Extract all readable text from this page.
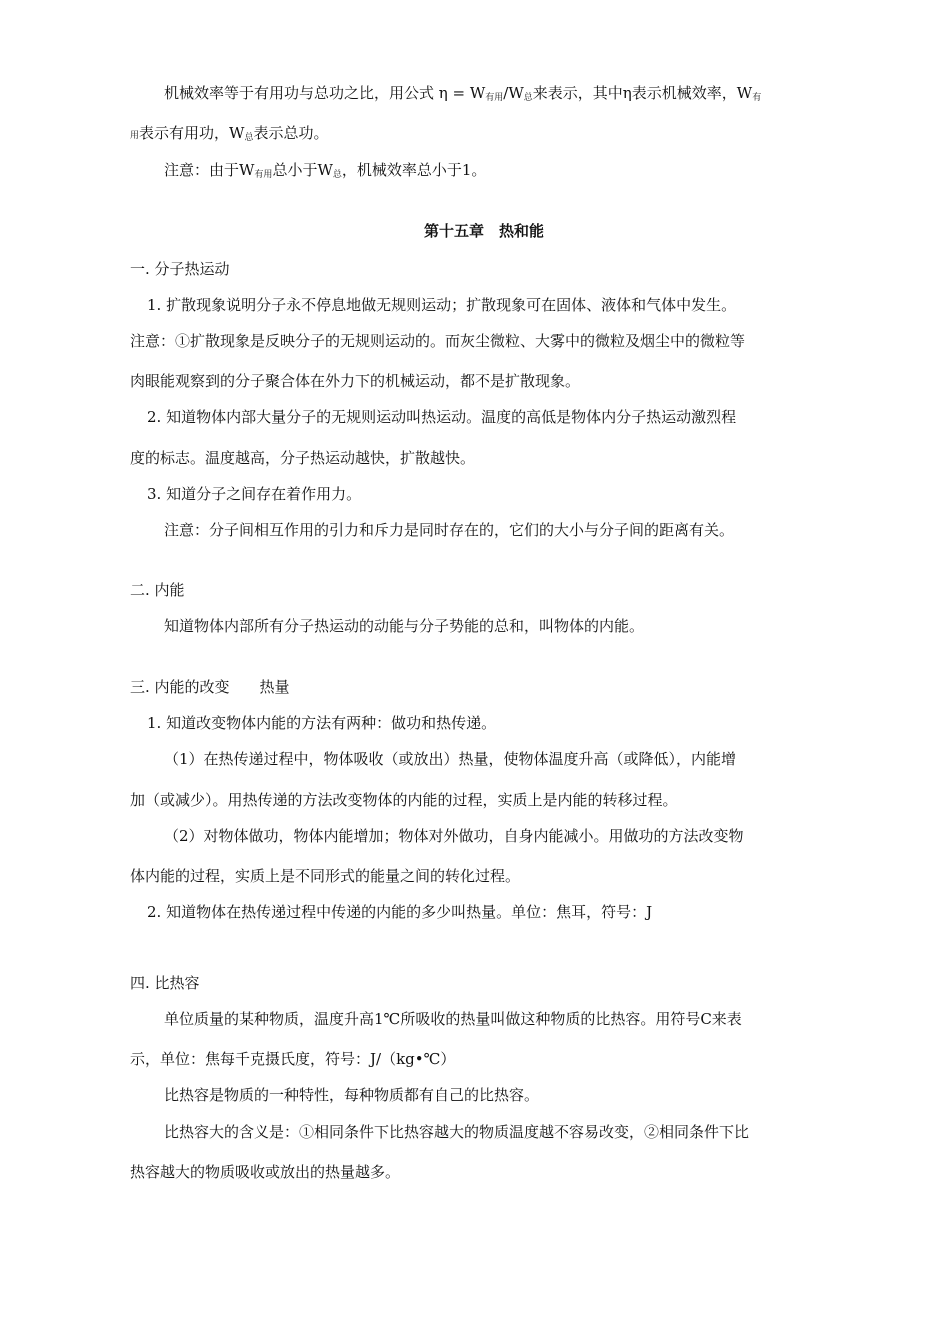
机械效率等于有用功与总功之比，用公式 $\eta = W_{有用}/W_总$来表示，其中η表示机械效率，$W_有$
用表示有用功，$W_总$表示总功。
注意：由于$W_{有用}$总小于$W_总$，机械效率总小于1。
第十五章　热和能
一. 分子热运动
1. 扩散现象说明分子永不停息地做无规则运动；扩散现象可在固体、液体和气体中发生。
注意：①扩散现象是反映分子的无规则运动的。而灰尘微粒、大雾中的微粒及烟尘中的微粒等
肉眼能观察到的分子聚合体在外力下的机械运动，都不是扩散现象。
2. 知道物体内部大量分子的无规则运动叫热运动。温度的高低是物体内分子热运动激烈程
度的标志。温度越高，分子热运动越快，扩散越快。
3. 知道分子之间存在着作用力。
注意：分子间相互作用的引力和斥力是同时存在的，它们的大小与分子间的距离有关。
二. 内能
知道物体内部所有分子热运动的动能与分子势能的总和，叫物体的内能。
三. 内能的改变　　热量
1. 知道改变物体内能的方法有两种：做功和热传递。
（1）在热传递过程中，物体吸收（或放出）热量，使物体温度升高（或降低），内能增
加（或减少）。用热传递的方法改变物体的内能的过程，实质上是内能的转移过程。
（2）对物体做功，物体内能增加；物体对外做功，自身内能减小。用做功的方法改变物
体内能的过程，实质上是不同形式的能量之间的转化过程。
2. 知道物体在热传递过程中传递的内能的多少叫热量。单位：焦耳，符号：J
四. 比热容
单位质量的某种物质，温度升高1℃所吸收的热量叫做这种物质的比热容。用符号C来表
示，单位：焦每千克摄氏度，符号：J/（kg•℃）
比热容是物质的一种特性，每种物质都有自己的比热容。
比热容大的含义是：①相同条件下比热容越大的物质温度越不容易改变，②相同条件下比
热容越大的物质吸收或放出的热量越多。
